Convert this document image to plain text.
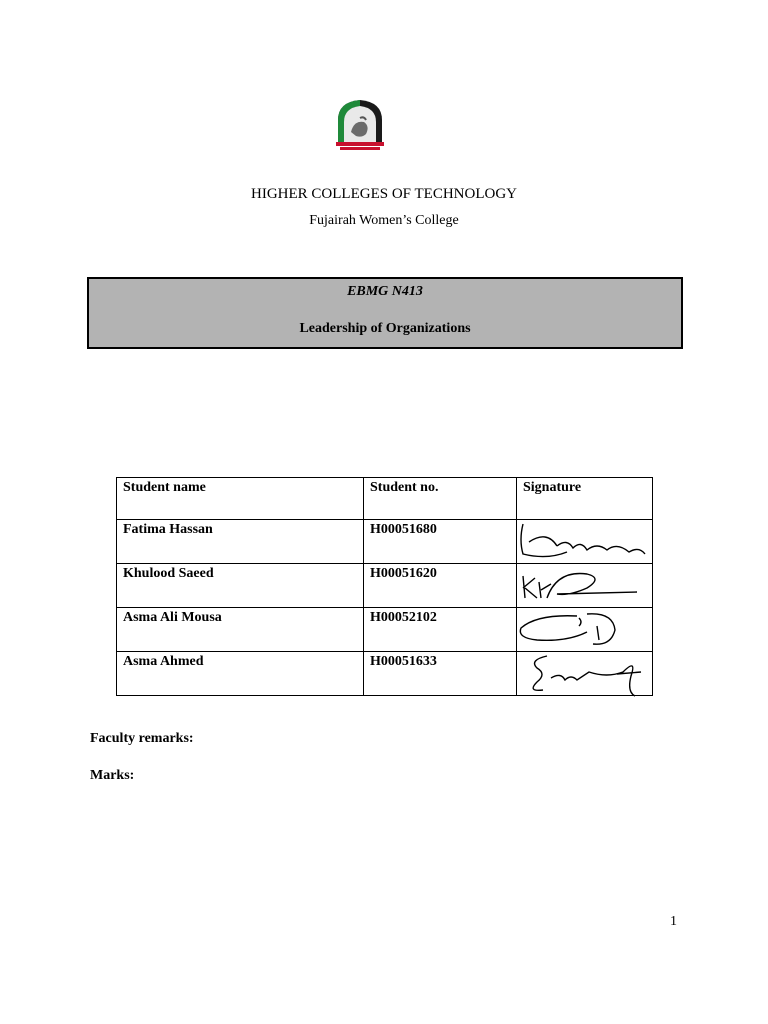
HIGHER COLLEGES OF TECHNOLOGY
Fujairah Women’s College
EBMG N413
Leadership of Organizations
Student name	Student no.	Signature
Fatima Hassan	H00051680	

Khulood Saeed	H00051620	

Asma Ali Mousa	H00052102	

Asma Ahmed	H00051633	
Faculty remarks:
Marks:
1
